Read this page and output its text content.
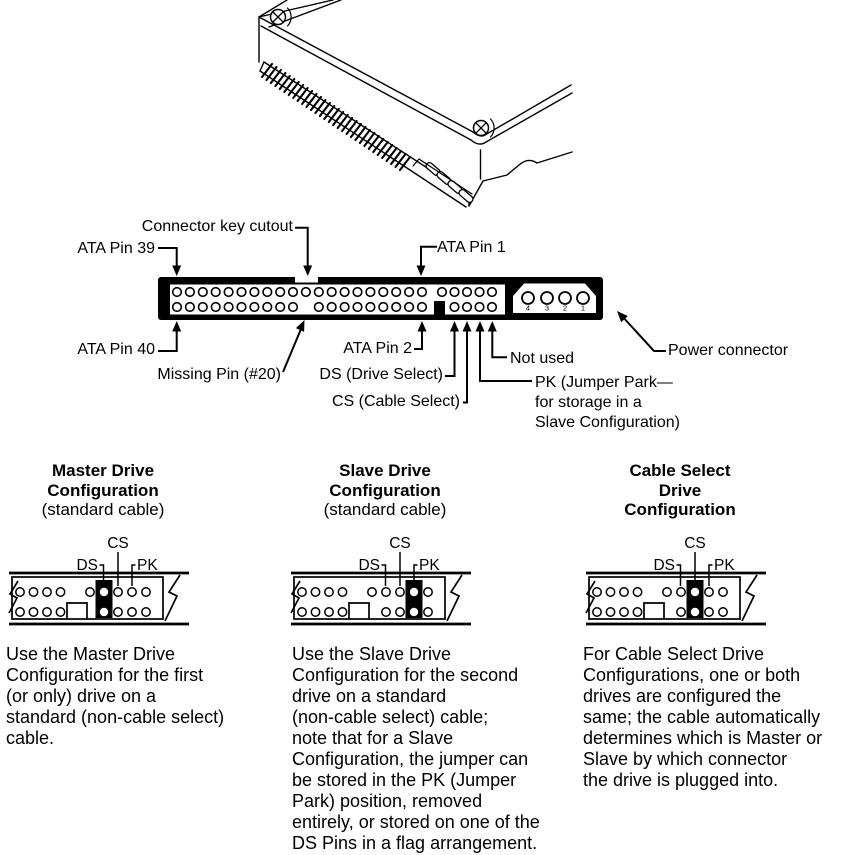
4 3 2 1
DS
CS
PK	DS
CS
PK	DS
CS
PK
Connector key cutout
ATA Pin 39	ATA Pin 1
ATA Pin 40
Missing Pin (#20)
ATA Pin 2
DS (Drive Select)
CS (Cable Select)
Not used
PK (Jumper Park—
for storage in a
Slave Configuration)
Power connector
Master Drive
Configuration
(standard cable)
Slave Drive
Configuration
(standard cable)
Cable Select
Drive
Configuration
Use the Master Drive
Configuration for the first
(or only) drive on a
standard (non-cable select)
cable.
Use the Slave Drive
Configuration for the second
drive on a standard
(non-cable select) cable;
note that for a Slave
Configuration, the jumper can
be stored in the PK (Jumper
Park) position, removed
entirely, or stored on one of the
DS Pins in a flag arrangement.
For Cable Select Drive
Configurations, one or both
drives are configured the
same; the cable automatically
determines which is Master or
Slave by which connector
the drive is plugged into.
